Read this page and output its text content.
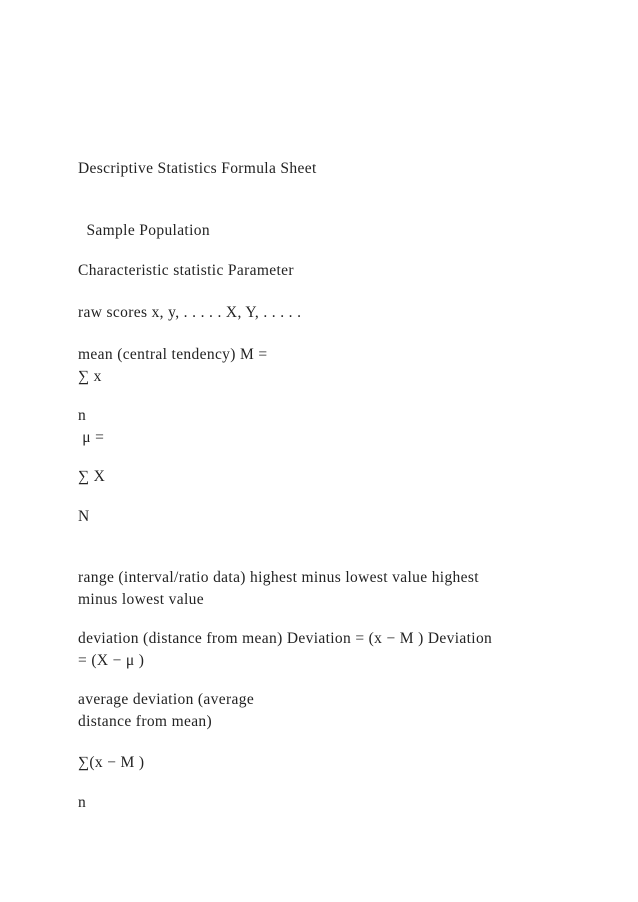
Descriptive Statistics Formula Sheet
Sample Population
Characteristic statistic Parameter
raw scores x, y, . . . . . X, Y, . . . . .
mean (central tendency) M =
∑ x
n
μ =
∑ X
N
range (interval/ratio data) highest minus lowest value highest
minus lowest value
deviation (distance from mean) Deviation = (x − M ) Deviation
= (X − μ )
average deviation (average
distance from mean)
∑(x − M )
n
